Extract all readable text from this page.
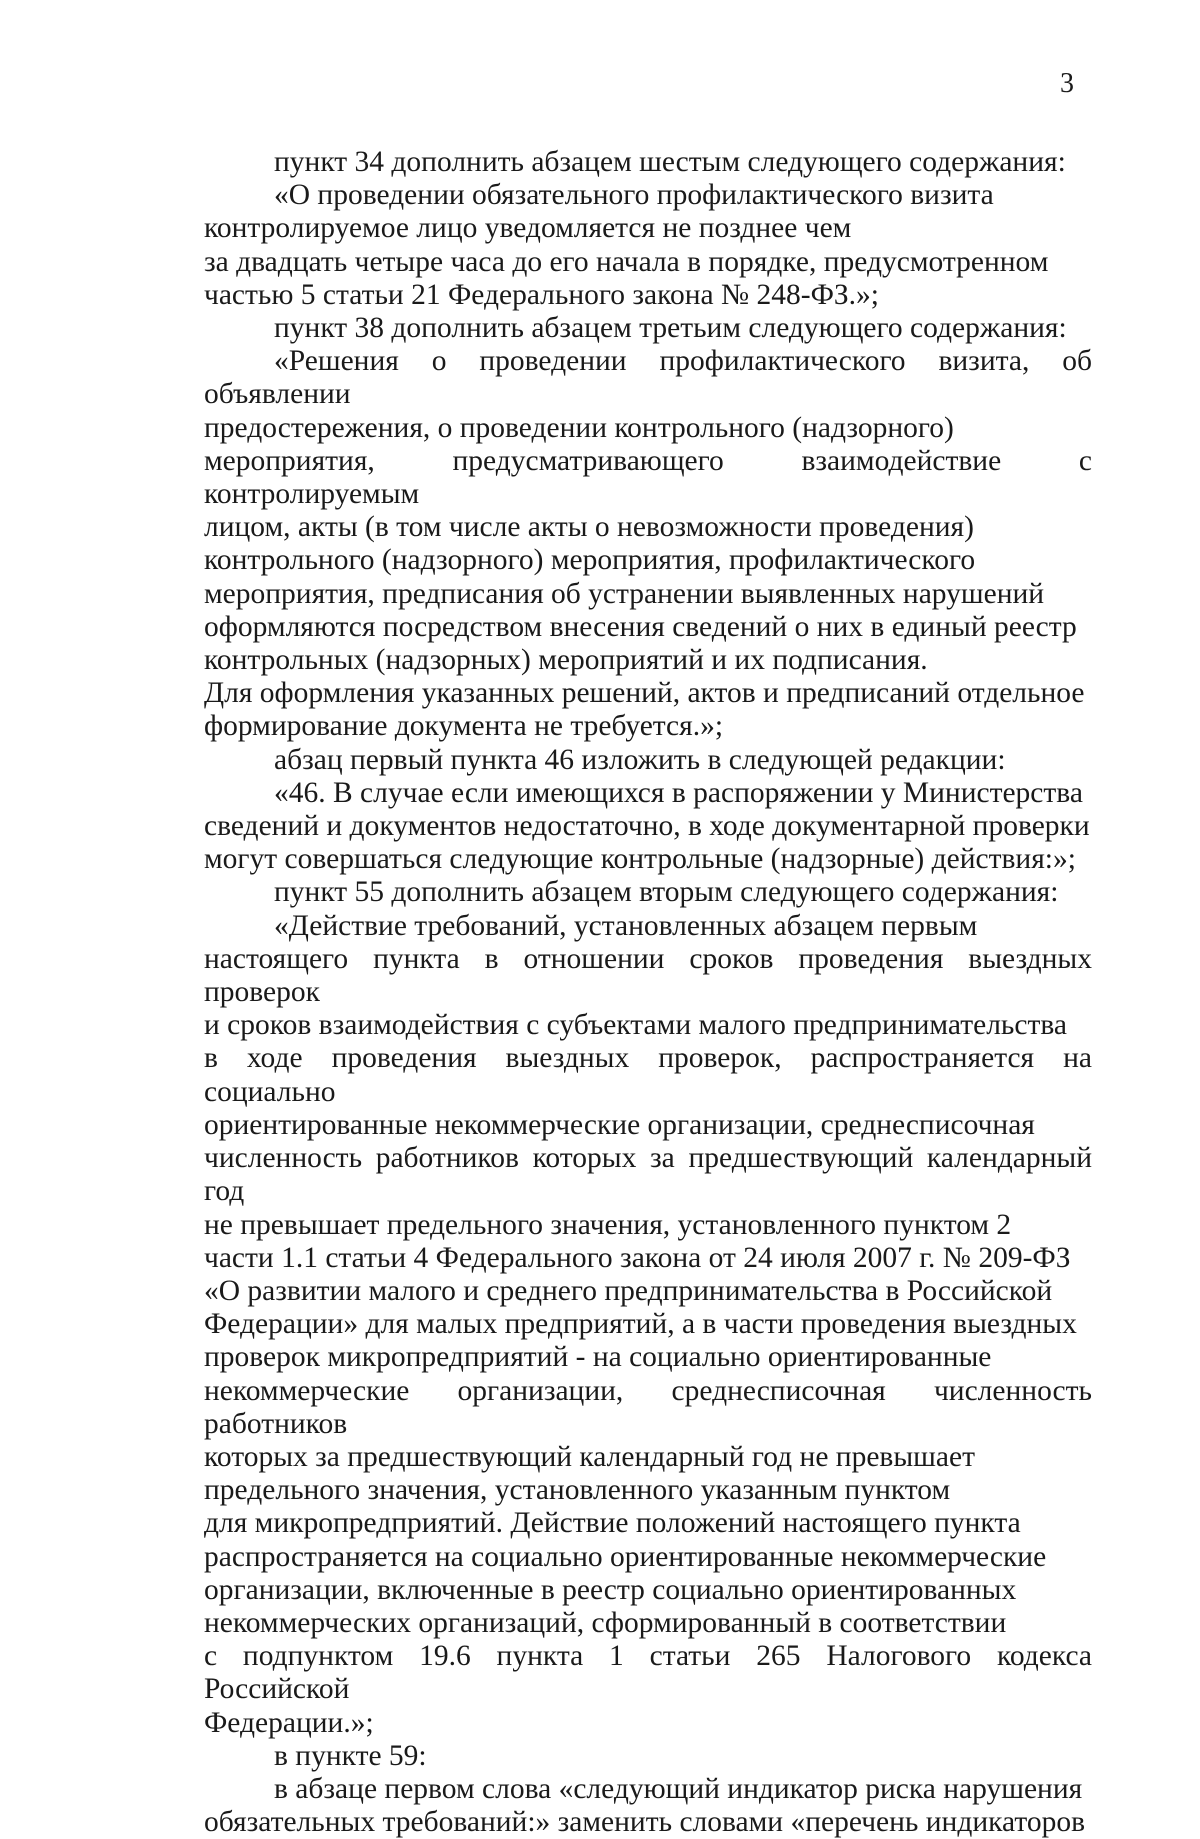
3

пункт 34 дополнить абзацем шестым следующего содержания:

«О проведении обязательного профилактического визита
контролируемое лицо уведомляется не позднее чем
за двадцать четыре часа до его начала в порядке, предусмотренном
частью 5 статьи 21 Федерального закона № 248-ФЗ.»;

пункт 38 дополнить абзацем третьим следующего содержания:

«Решения о проведении профилактического визита, об объявлении
предостережения, о проведении контрольного (надзорного)
мероприятия, предусматривающего взаимодействие с контролируемым
лицом, акты (в том числе акты о невозможности проведения)
контрольного (надзорного) мероприятия, профилактического
мероприятия, предписания об устранении выявленных нарушений
оформляются посредством внесения сведений о них в единый реестр
контрольных (надзорных) мероприятий и их подписания.
Для оформления указанных решений, актов и предписаний отдельное
формирование документа не требуется.»;

абзац первый пункта 46 изложить в следующей редакции:

«46. В случае если имеющихся в распоряжении у Министерства
сведений и документов недостаточно, в ходе документарной проверки
могут совершаться следующие контрольные (надзорные) действия:»;

пункт 55 дополнить абзацем вторым следующего содержания:

«Действие требований, установленных абзацем первым
настоящего пункта в отношении сроков проведения выездных проверок
и сроков взаимодействия с субъектами малого предпринимательства
в ходе проведения выездных проверок, распространяется на социально
ориентированные некоммерческие организации, среднесписочная
численность работников которых за предшествующий календарный год
не превышает предельного значения, установленного пунктом 2
части 1.1 статьи 4 Федерального закона от 24 июля 2007 г. № 209-ФЗ
«О развитии малого и среднего предпринимательства в Российской
Федерации» для малых предприятий, а в части проведения выездных
проверок микропредприятий - на социально ориентированные
некоммерческие организации, среднесписочная численность работников
которых за предшествующий календарный год не превышает
предельного значения, установленного указанным пунктом
для микропредприятий. Действие положений настоящего пункта
распространяется на социально ориентированные некоммерческие
организации, включенные в реестр социально ориентированных
некоммерческих организаций, сформированный в соответствии
с подпунктом 19.6 пункта 1 статьи 265 Налогового кодекса Российской
Федерации.»;

в пункте 59:

в абзаце первом слова «следующий индикатор риска нарушения
обязательных требований:» заменить словами «перечень индикаторов
